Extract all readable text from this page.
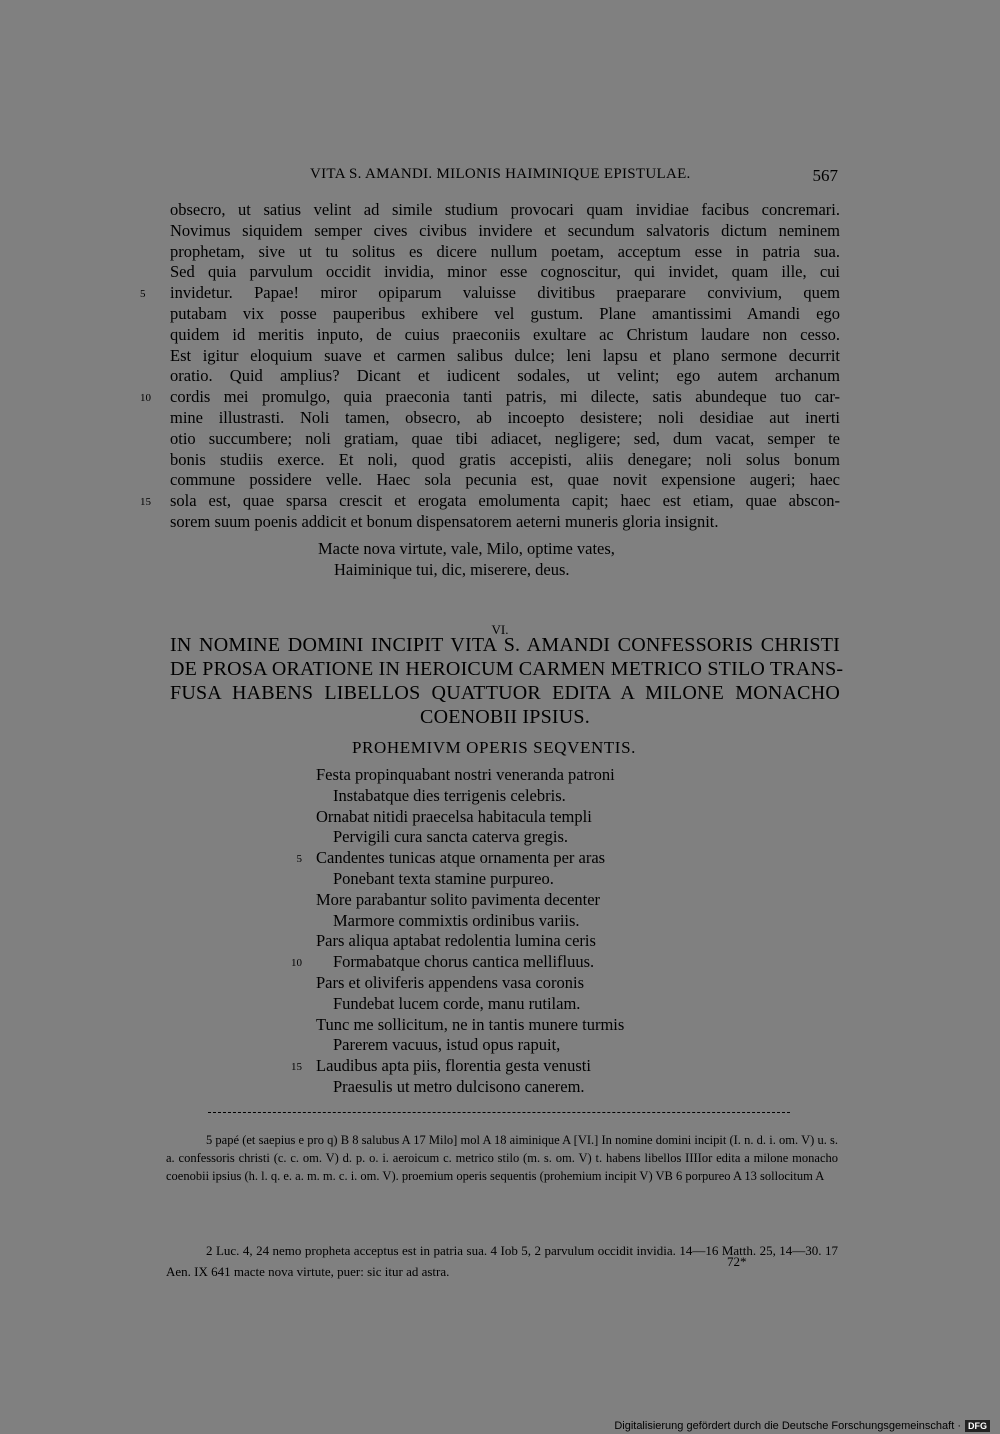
VITA S. AMANDI. MILONIS HAIMINIQUE EPISTULAE.	567
obsecro, ut satius velint ad simile studium provocari quam invidiae facibus concremari.
Novimus siquidem semper cives civibus invidere et secundum salvatoris dictum neminem
prophetam, sive ut tu solitus es dicere nullum poetam, acceptum esse in patria sua.
Sed quia parvulum occidit invidia, minor esse cognoscitur, qui invidet, quam ille, cui
5	invidetur. Papae! miror opiparum valuisse divitibus praeparare convivium, quem
putabam vix posse pauperibus exhibere vel gustum. Plane amantissimi Amandi ego
quidem id meritis inputo, de cuius praeconiis exultare ac Christum laudare non cesso.
Est igitur eloquium suave et carmen salibus dulce; leni lapsu et plano sermone decurrit
oratio. Quid amplius? Dicant et iudicent sodales, ut velint; ego autem archanum
10	cordis mei promulgo, quia praeconia tanti patris, mi dilecte, satis abundeque tuo car-
mine illustrasti. Noli tamen, obsecro, ab incoepto desistere; noli desidiae aut inerti
otio succumbere; noli gratiam, quae tibi adiacet, negligere; sed, dum vacat, semper te
bonis studiis exerce. Et noli, quod gratis accepisti, aliis denegare; noli solus bonum
commune possidere velle. Haec sola pecunia est, quae novit expensione augeri; haec
15	sola est, quae sparsa crescit et erogata emolumenta capit; haec est etiam, quae abscon-
sorem suum poenis addicit et bonum dispensatorem aeterni muneris gloria insignit.
Macte nova virtute, vale, Milo, optime vates,
Haiminique tui, dic, miserere, deus.
VI.
IN NOMINE DOMINI INCIPIT VITA S. AMANDI CONFESSORIS CHRISTI
DE PROSA ORATIONE IN HEROICUM CARMEN METRICO STILO TRANS-
FUSA HABENS LIBELLOS QUATTUOR EDITA A MILONE MONACHO
COENOBII IPSIUS.
PROHEMIVM OPERIS SEQVENTIS.
Festa propinquabant nostri veneranda patroni
Instabatque dies terrigenis celebris.
Ornabat nitidi praecelsa habitacula templi
Pervigili cura sancta caterva gregis.
5 Candentes tunicas atque ornamenta per aras
Ponebant texta stamine purpureo.
More parabantur solito pavimenta decenter
Marmore commixtis ordinibus variis.
Pars aliqua aptabat redolentia lumina ceris
10 Formabatque chorus cantica mellifluus.
Pars et oliviferis appendens vasa coronis
Fundebat lucem corde, manu rutilam.
Tunc me sollicitum, ne in tantis munere turmis
Parerem vacuus, istud opus rapuit,
15 Laudibus apta piis, florentia gesta venusti
Praesulis ut metro dulcisono canerem.

5 papé (et saepius e pro q) B 8 salubus A 17 Milo] mol A 18 aiminique A [VI.] In nomine domini incipit (I. n. d. i. om. V) u. s. a. confessoris christi (c. c. om. V) d. p. o. i. aeroicum c. metrico stilo (m. s. om. V) t. habens libellos IIIIor edita a milone monacho coenobii ipsius (h. l. q. e. a. m. m. c. i. om. V). proemium operis sequentis (prohemium incipit V) VB 6 porpureo A 13 sollocitum A

2 Luc. 4, 24 nemo propheta acceptus est in patria sua. 4 Iob 5, 2 parvulum occidit invidia. 14—16 Matth. 25, 14—30. 17 Aen. IX 641 macte nova virtute, puer: sic itur ad astra.

72*
Digitalisierung gefördert durch die Deutsche Forschungsgemeinschaft · DFG
